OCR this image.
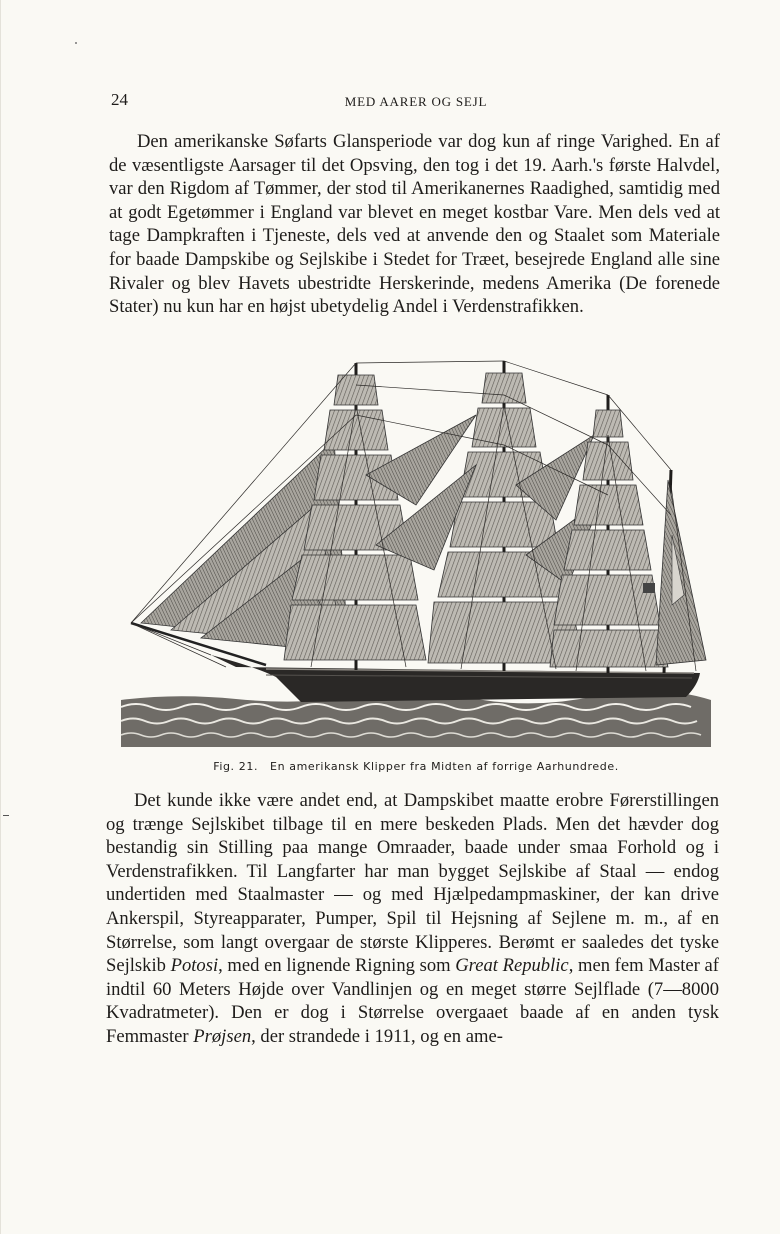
24	MED AARER OG SEJL

Den amerikanske Søfarts Glansperiode var dog kun af ringe Varighed. En af de væsentligste Aarsager til det Opsving, den tog i det 19. Aarh.'s første Halvdel, var den Rigdom af Tømmer, der stod til Amerikanernes Raadighed, samtidig med at godt Egetømmer i England var blevet en meget kostbar Vare. Men dels ved at tage Dampkraften i Tjeneste, dels ved at anvende den og Staalet som Materiale for baade Dampskibe og Sejlskibe i Stedet for Træet, besejrede England alle sine Rivaler og blev Havets ubestridte Herskerinde, medens Amerika (De forenede Stater) nu kun har en højst ubetydelig Andel i Verdenstrafikken.

Fig. 21. En amerikansk Klipper fra Midten af forrige Aarhundrede.

Det kunde ikke være andet end, at Dampskibet maatte erobre Førerstillingen og trænge Sejlskibet tilbage til en mere beskeden Plads. Men det hævder dog bestandig sin Stilling paa mange Omraader, baade under smaa Forhold og i Verdenstrafikken. Til Langfarter har man bygget Sejlskibe af Staal — endog undertiden med Staalmaster — og med Hjælpedampmaskiner, der kan drive Ankerspil, Styreapparater, Pumper, Spil til Hejsning af Sejlene m. m., af en Størrelse, som langt overgaar de største Klipperes. Berømt er saaledes det tyske Sejlskib Potosi, med en lignende Rigning som Great Republic, men fem Master af indtil 60 Meters Højde over Vandlinjen og en meget større Sejlflade (7—8000 Kvadratmeter). Den er dog i Størrelse overgaaet baade af en anden tysk Femmaster Prøjsen, der strandede i 1911, og en ame-
